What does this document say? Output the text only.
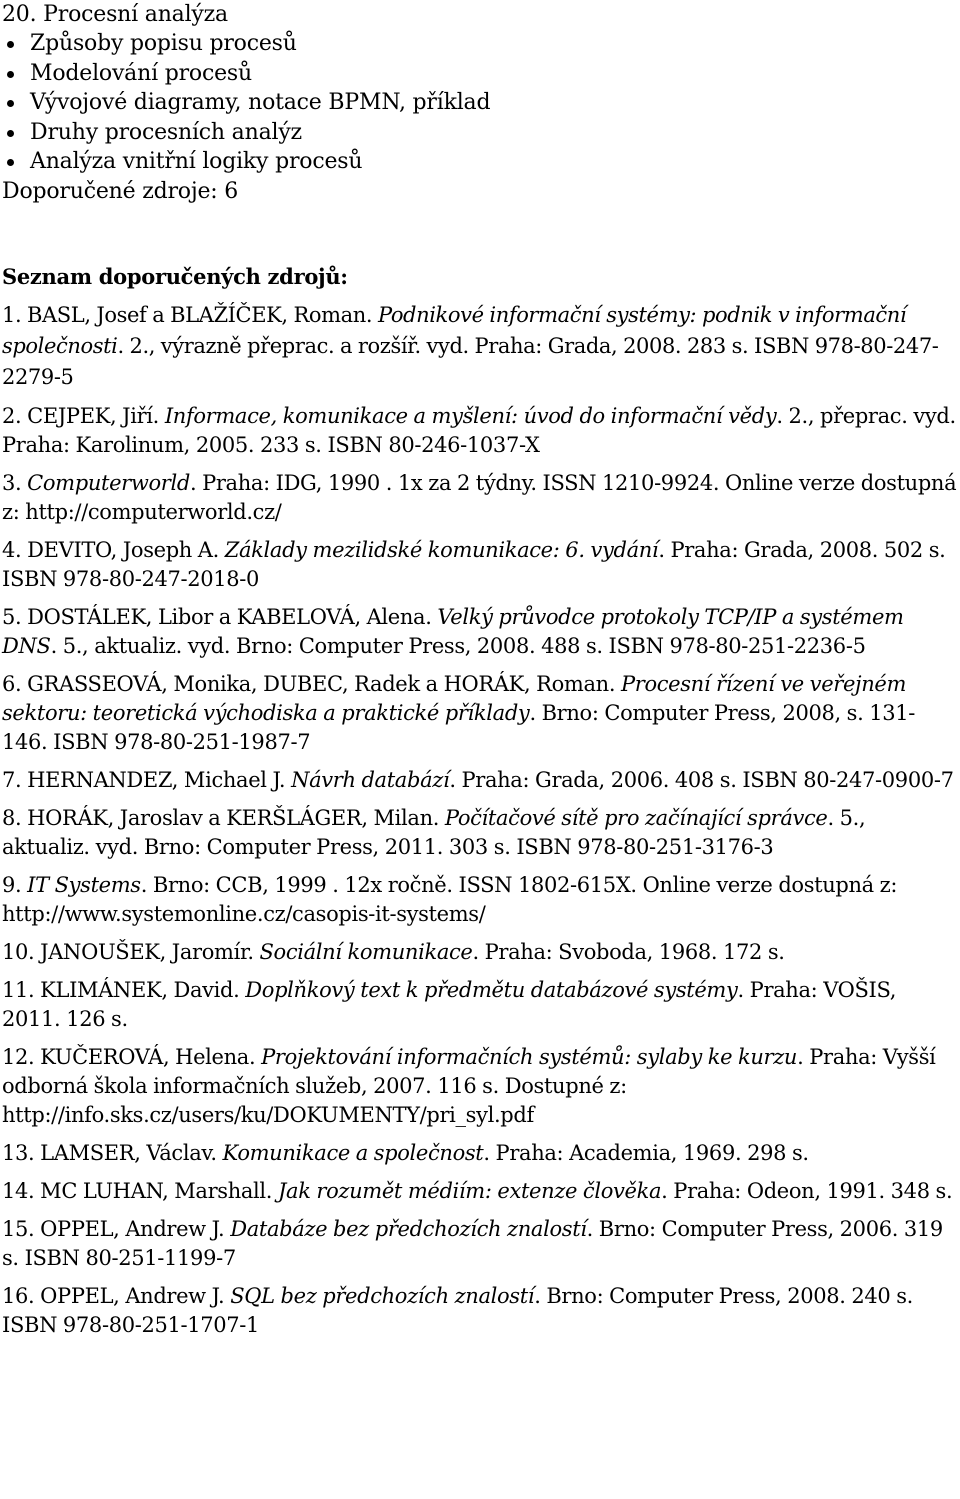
20. Procesní analýza
Způsoby popisu procesů
Modelování procesů
Vývojové diagramy, notace BPMN, příklad
Druhy procesních analýz
Analýza vnitřní logiky procesů
Doporučené zdroje: 6
Seznam doporučených zdrojů:
1. BASL, Josef a BLAŽÍČEK, Roman. Podnikové informační systémy: podnik v informační společnosti. 2., výrazně přeprac. a rozšíř. vyd. Praha: Grada, 2008. 283 s. ISBN 978-80-247-2279-5
2. CEJPEK, Jiří. Informace, komunikace a myšlení: úvod do informační vědy. 2., přeprac. vyd. Praha: Karolinum, 2005. 233 s. ISBN 80-246-1037-X
3. Computerworld. Praha: IDG, 1990 . 1x za 2 týdny. ISSN 1210-9924. Online verze dostupná z: http://computerworld.cz/
4. DEVITO, Joseph A. Základy mezilidské komunikace: 6. vydání. Praha: Grada, 2008. 502 s. ISBN 978-80-247-2018-0
5. DOSTÁLEK, Libor a KABELOVÁ, Alena. Velký průvodce protokoly TCP/IP a systémem DNS. 5., aktualiz. vyd. Brno: Computer Press, 2008. 488 s. ISBN 978-80-251-2236-5
6. GRASSEOVÁ, Monika, DUBEC, Radek a HORÁK, Roman. Procesní řízení ve veřejném sektoru: teoretická východiska a praktické příklady. Brno: Computer Press, 2008, s. 131-146. ISBN 978-80-251-1987-7
7. HERNANDEZ, Michael J. Návrh databází. Praha: Grada, 2006. 408 s. ISBN 80-247-0900-7
8. HORÁK, Jaroslav a KERŠLÁGER, Milan. Počítačové sítě pro začínající správce. 5., aktualiz. vyd. Brno: Computer Press, 2011. 303 s. ISBN 978-80-251-3176-3
9. IT Systems. Brno: CCB, 1999 . 12x ročně. ISSN 1802-615X. Online verze dostupná z: http://www.systemonline.cz/casopis-it-systems/
10. JANOUŠEK, Jaromír. Sociální komunikace. Praha: Svoboda, 1968. 172 s.
11. KLIMÁNEK, David. Doplňkový text k předmětu databázové systémy. Praha: VOŠIS, 2011. 126 s.
12. KUČEROVÁ, Helena. Projektování informačních systémů: sylaby ke kurzu. Praha: Vyšší odborná škola informačních služeb, 2007. 116 s. Dostupné z: http://info.sks.cz/users/ku/DOKUMENTY/pri_syl.pdf
13. LAMSER, Václav. Komunikace a společnost. Praha: Academia, 1969. 298 s.
14. MC LUHAN, Marshall. Jak rozumět médiím: extenze člověka. Praha: Odeon, 1991. 348 s.
15. OPPEL, Andrew J. Databáze bez předchozích znalostí. Brno: Computer Press, 2006. 319 s. ISBN 80-251-1199-7
16. OPPEL, Andrew J. SQL bez předchozích znalostí. Brno: Computer Press, 2008. 240 s. ISBN 978-80-251-1707-1
